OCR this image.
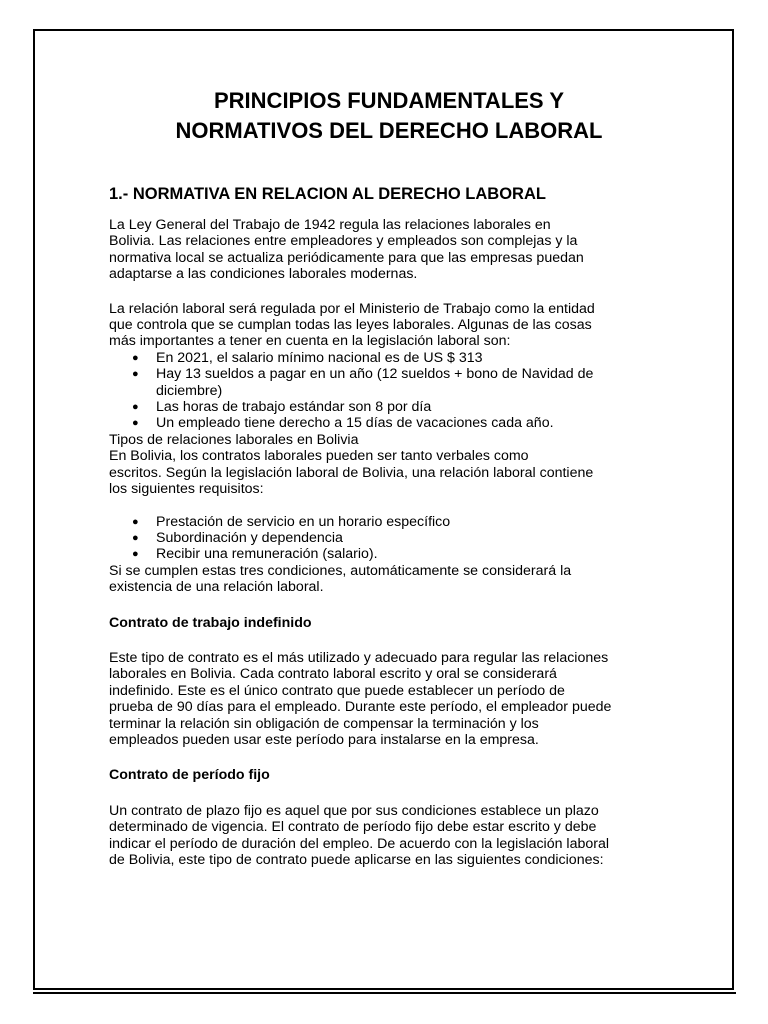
PRINCIPIOS FUNDAMENTALES Y
NORMATIVOS DEL DERECHO LABORAL
1.- NORMATIVA EN RELACION AL DERECHO LABORAL
La Ley General del Trabajo de 1942 regula las relaciones laborales en
Bolivia. Las relaciones entre empleadores y empleados son complejas y la
normativa local se actualiza periódicamente para que las empresas puedan
adaptarse a las condiciones laborales modernas.
La relación laboral será regulada por el Ministerio de Trabajo como la entidad
que controla que se cumplan todas las leyes laborales. Algunas de las cosas
más importantes a tener en cuenta en la legislación laboral son:
● En 2021, el salario mínimo nacional es de US $ 313
● Hay 13 sueldos a pagar en un año (12 sueldos + bono de Navidad de
diciembre)
● Las horas de trabajo estándar son 8 por día
● Un empleado tiene derecho a 15 días de vacaciones cada año.
Tipos de relaciones laborales en Bolivia
En Bolivia, los contratos laborales pueden ser tanto verbales como
escritos. Según la legislación laboral de Bolivia, una relación laboral contiene
los siguientes requisitos:
● Prestación de servicio en un horario específico
● Subordinación y dependencia
● Recibir una remuneración (salario).
Si se cumplen estas tres condiciones, automáticamente se considerará la
existencia de una relación laboral.
Contrato de trabajo indefinido
Este tipo de contrato es el más utilizado y adecuado para regular las relaciones
laborales en Bolivia. Cada contrato laboral escrito y oral se considerará
indefinido. Este es el único contrato que puede establecer un período de
prueba de 90 días para el empleado. Durante este período, el empleador puede
terminar la relación sin obligación de compensar la terminación y los
empleados pueden usar este período para instalarse en la empresa.
Contrato de período fijo
Un contrato de plazo fijo es aquel que por sus condiciones establece un plazo
determinado de vigencia. El contrato de período fijo debe estar escrito y debe
indicar el período de duración del empleo. De acuerdo con la legislación laboral
de Bolivia, este tipo de contrato puede aplicarse en las siguientes condiciones:
